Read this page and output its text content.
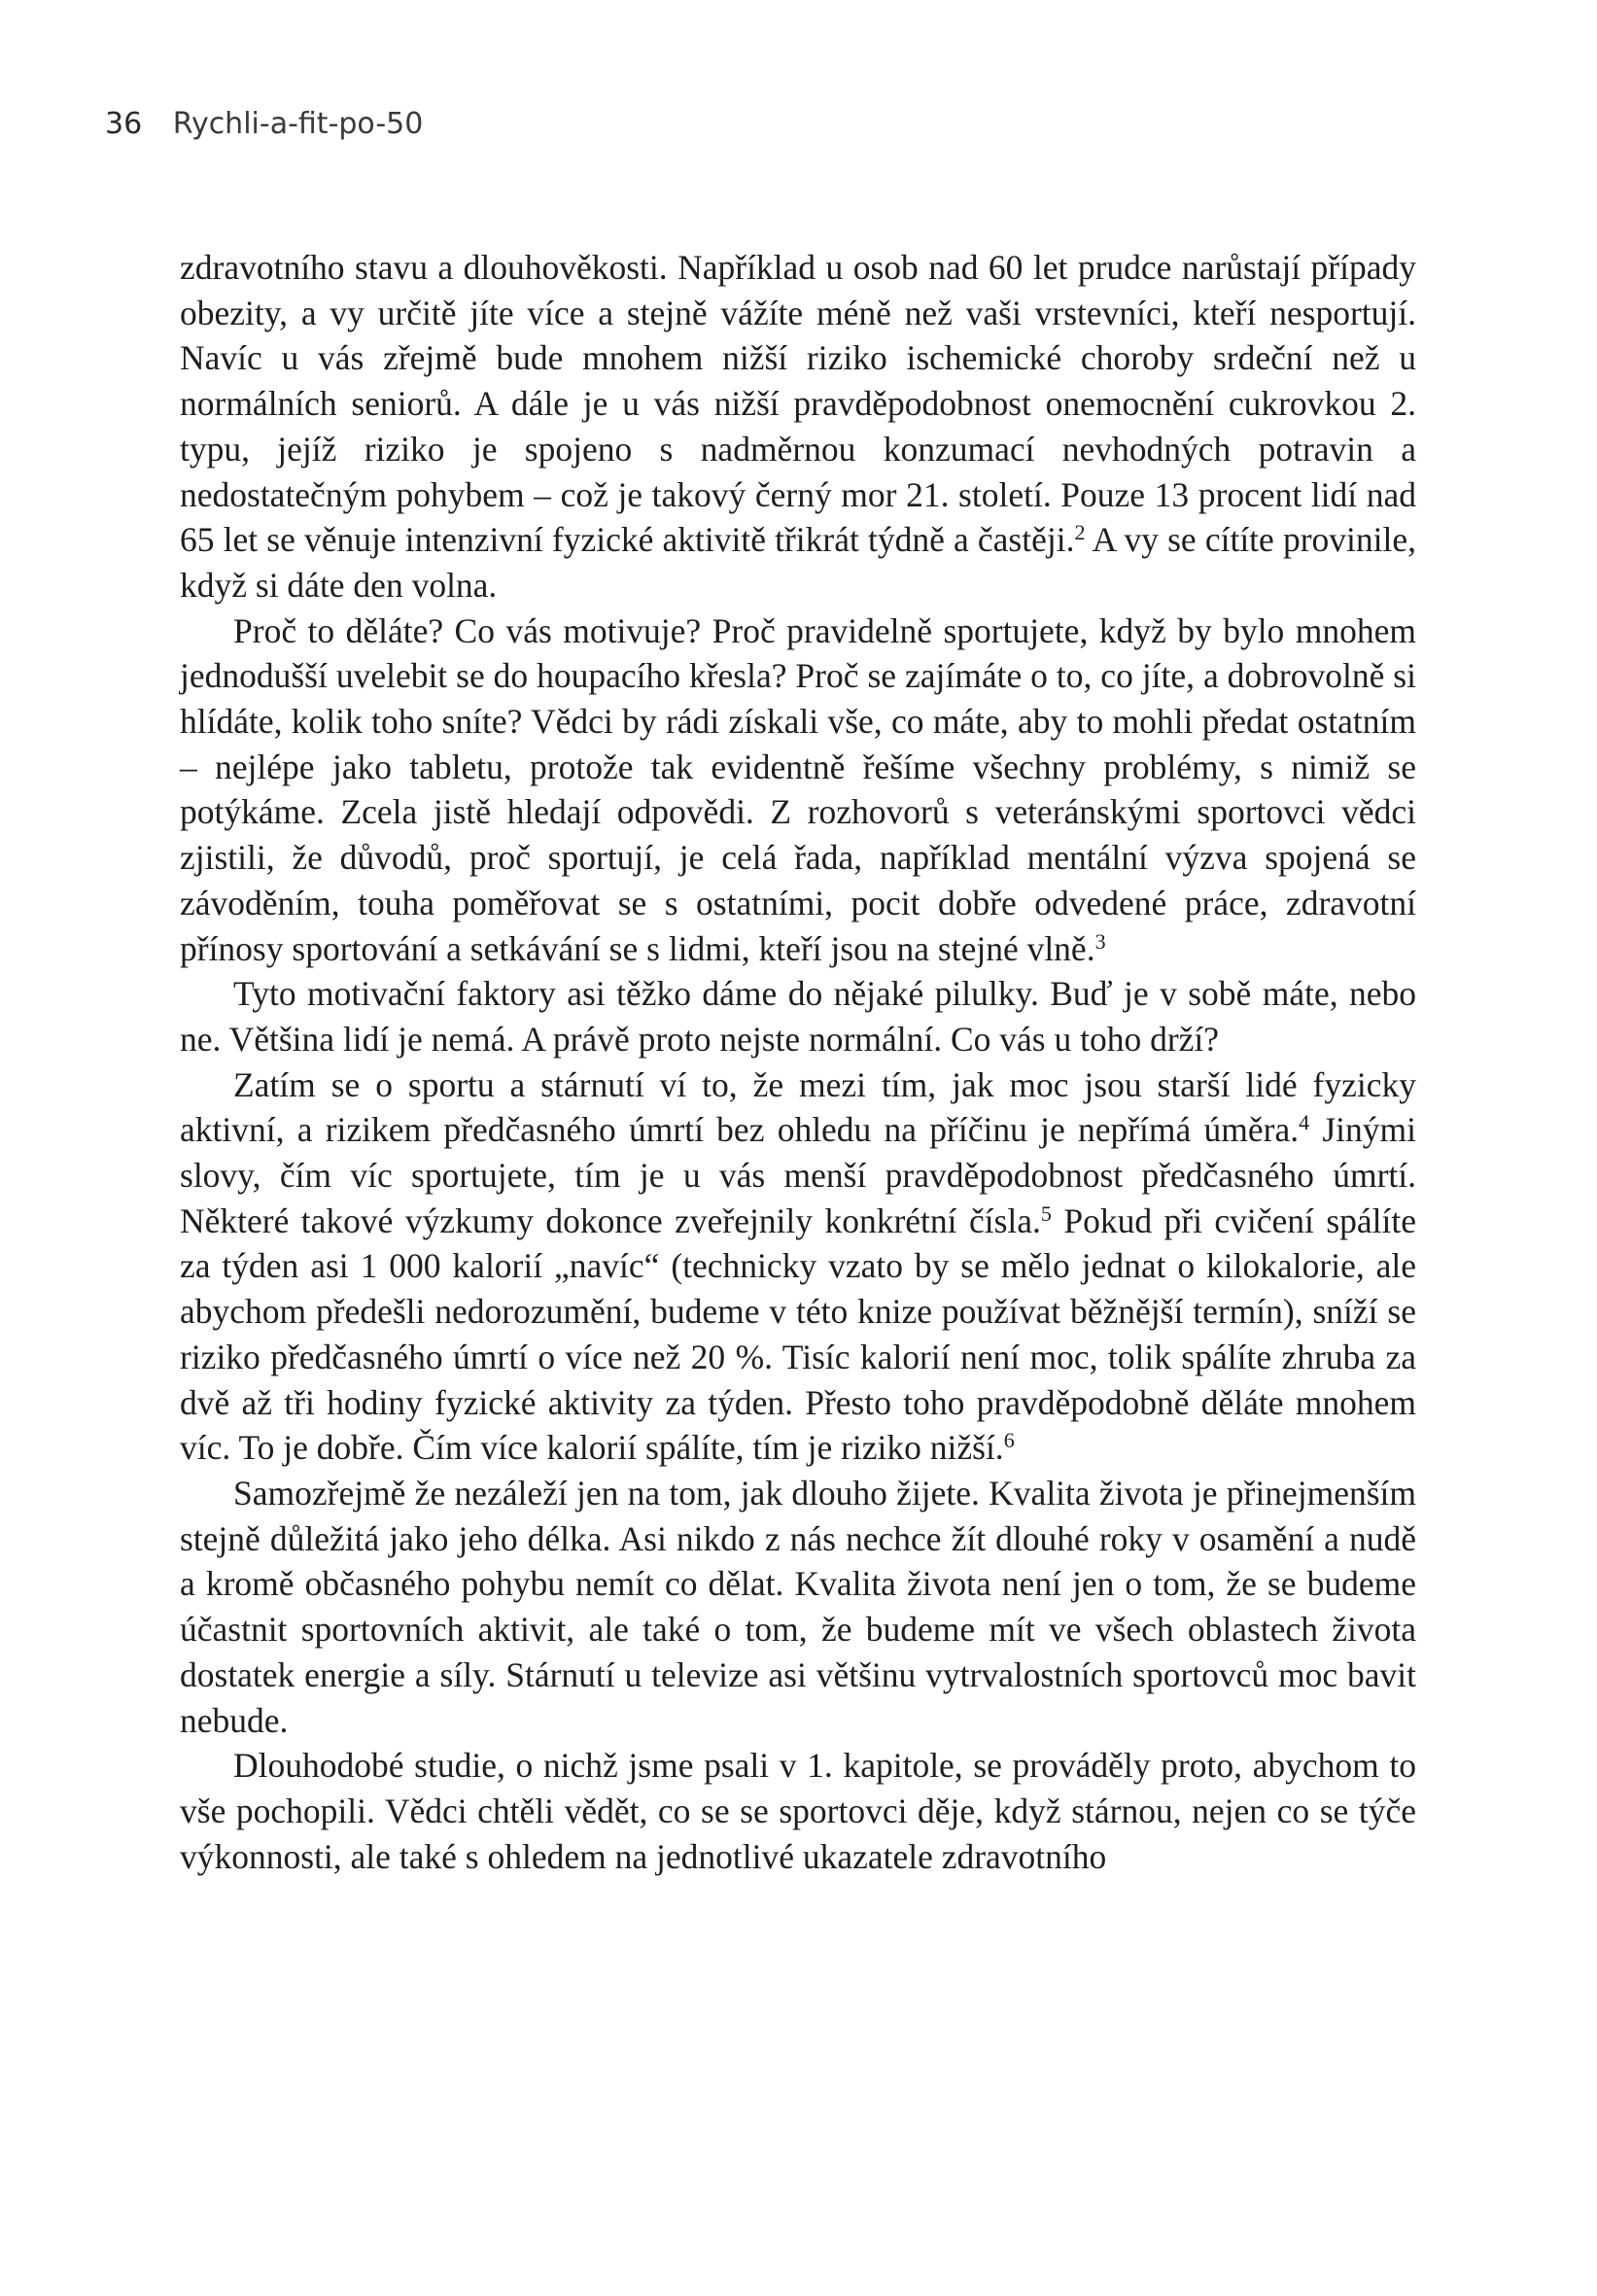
36 Rychli-a-fit-po-50

zdravotního stavu a dlouhověkosti. Například u osob nad 60 let prudce narůstají případy obezity, a vy určitě jíte více a stejně vážíte méně než vaši vrstevníci, kteří nesportují. Navíc u vás zřejmě bude mnohem nižší riziko ischemické choroby srdeční než u normálních seniorů. A dále je u vás nižší pravděpodobnost onemocnění cukrovkou 2. typu, jejíž riziko je spojeno s nadměrnou konzumací nevhodných potravin a nedostatečným pohybem – což je takový černý mor 21. století. Pouze 13 procent lidí nad 65 let se věnuje intenzivní fyzické aktivitě třikrát týdně a častěji.$^2$ A vy se cítíte provinile, když si dáte den volna.

Proč to děláte? Co vás motivuje? Proč pravidelně sportujete, když by bylo mnohem jednodušší uvelebit se do houpacího křesla? Proč se zajímáte o to, co jíte, a dobrovolně si hlídáte, kolik toho sníte? Vědci by rádi získali vše, co máte, aby to mohli předat ostatním – nejlépe jako tabletu, protože tak evidentně řešíme všechny problémy, s nimiž se potýkáme. Zcela jistě hledají odpovědi. Z rozhovorů s veteránskými sportovci vědci zjistili, že důvodů, proč sportují, je celá řada, například mentální výzva spojená se závoděním, touha poměřovat se s ostatními, pocit dobře odvedené práce, zdravotní přínosy sportování a setkávání se s lidmi, kteří jsou na stejné vlně.$^3$

Tyto motivační faktory asi těžko dáme do nějaké pilulky. Buď je v sobě máte, nebo ne. Většina lidí je nemá. A právě proto nejste normální. Co vás u toho drží?

Zatím se o sportu a stárnutí ví to, že mezi tím, jak moc jsou starší lidé fyzicky aktivní, a rizikem předčasného úmrtí bez ohledu na příčinu je nepřímá úměra.$^4$ Jinými slovy, čím víc sportujete, tím je u vás menší pravděpodobnost předčasného úmrtí. Některé takové výzkumy dokonce zveřejnily konkrétní čísla.$^5$ Pokud při cvičení spálíte za týden asi 1 000 kalorií „navíc“ (technicky vzato by se mělo jednat o kilokalorie, ale abychom předešli nedorozumění, budeme v této knize používat běžnější termín), sníží se riziko předčasného úmrtí o více než 20 %. Tisíc kalorií není moc, tolik spálíte zhruba za dvě až tři hodiny fyzické aktivity za týden. Přesto toho pravděpodobně děláte mnohem víc. To je dobře. Čím více kalorií spálíte, tím je riziko nižší.$^6$

Samozřejmě že nezáleží jen na tom, jak dlouho žijete. Kvalita života je přinejmenším stejně důležitá jako jeho délka. Asi nikdo z nás nechce žít dlouhé roky v osamění a nudě a kromě občasného pohybu nemít co dělat. Kvalita života není jen o tom, že se budeme účastnit sportovních aktivit, ale také o tom, že budeme mít ve všech oblastech života dostatek energie a síly. Stárnutí u televize asi většinu vytrvalostních sportovců moc bavit nebude.

Dlouhodobé studie, o nichž jsme psali v 1. kapitole, se prováděly proto, abychom to vše pochopili. Vědci chtěli vědět, co se se sportovci děje, když stárnou, nejen co se týče výkonnosti, ale také s ohledem na jednotlivé ukazatele zdravotního
